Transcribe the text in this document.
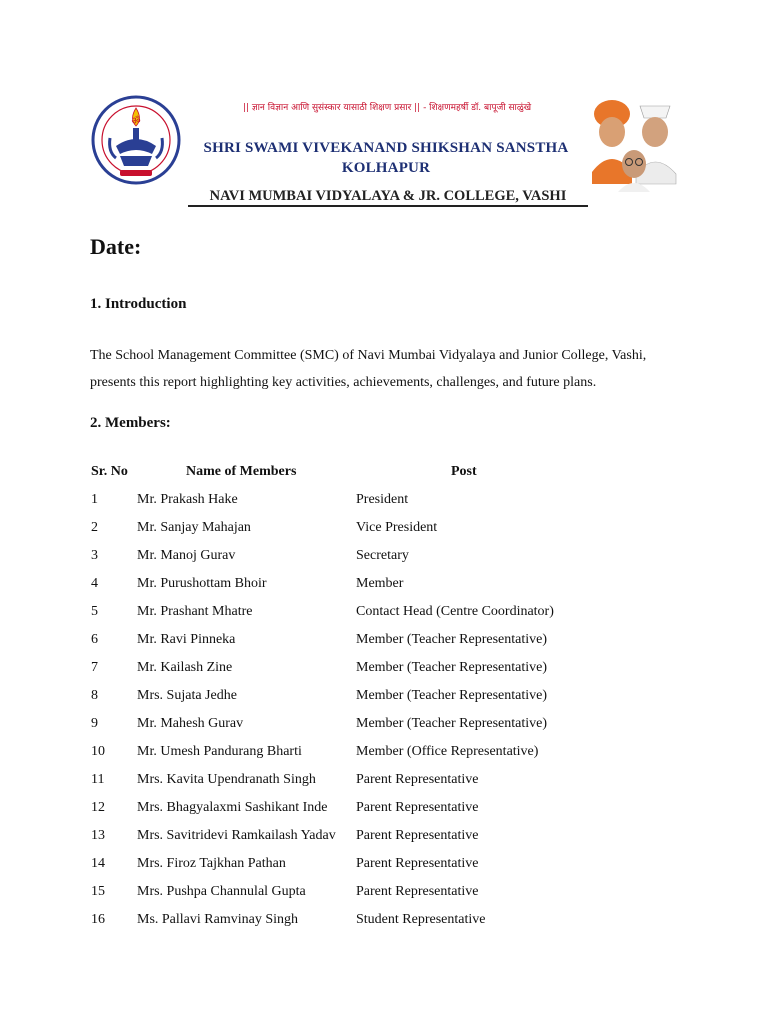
ॐ
|| ज्ञान विज्ञान आणि सुसंस्कार यासाठी शिक्षण प्रसार || - शिक्षणमहर्षी डॉ. बापूजी साळुंखे
SHRI SWAMI VIVEKANAND SHIKSHAN SANSTHA
KOLHAPUR
NAVI MUMBAI VIDYALAYA & JR. COLLEGE, VASHI
Date:
1. Introduction

The School Management Committee (SMC) of Navi Mumbai Vidyalaya and Junior College, Vashi, presents this report highlighting key activities, achievements, challenges, and future plans.

2. Members:
Sr. No	Name of Members	Post
1	Mr. Prakash Hake	President
2	Mr. Sanjay Mahajan	Vice President
3	Mr. Manoj Gurav	Secretary
4	Mr. Purushottam Bhoir	Member
5	Mr. Prashant Mhatre	Contact Head (Centre Coordinator)
6	Mr. Ravi Pinneka	Member (Teacher Representative)
7	Mr. Kailash Zine	Member (Teacher Representative)
8	Mrs. Sujata Jedhe	Member (Teacher Representative)
9	Mr. Mahesh Gurav	Member (Teacher Representative)
10 Mr. Umesh Pandurang Bharti	Member (Office Representative)
11 Mrs. Kavita Upendranath Singh	Parent Representative
12 Mrs. Bhagyalaxmi Sashikant Inde Parent Representative
13 Mrs. Savitridevi Ramkailash Yadav Parent Representative
14 Mrs. Firoz Tajkhan Pathan	Parent Representative
15 Mrs. Pushpa Channulal Gupta	Parent Representative
16 Ms. Pallavi Ramvinay Singh	Student Representative
